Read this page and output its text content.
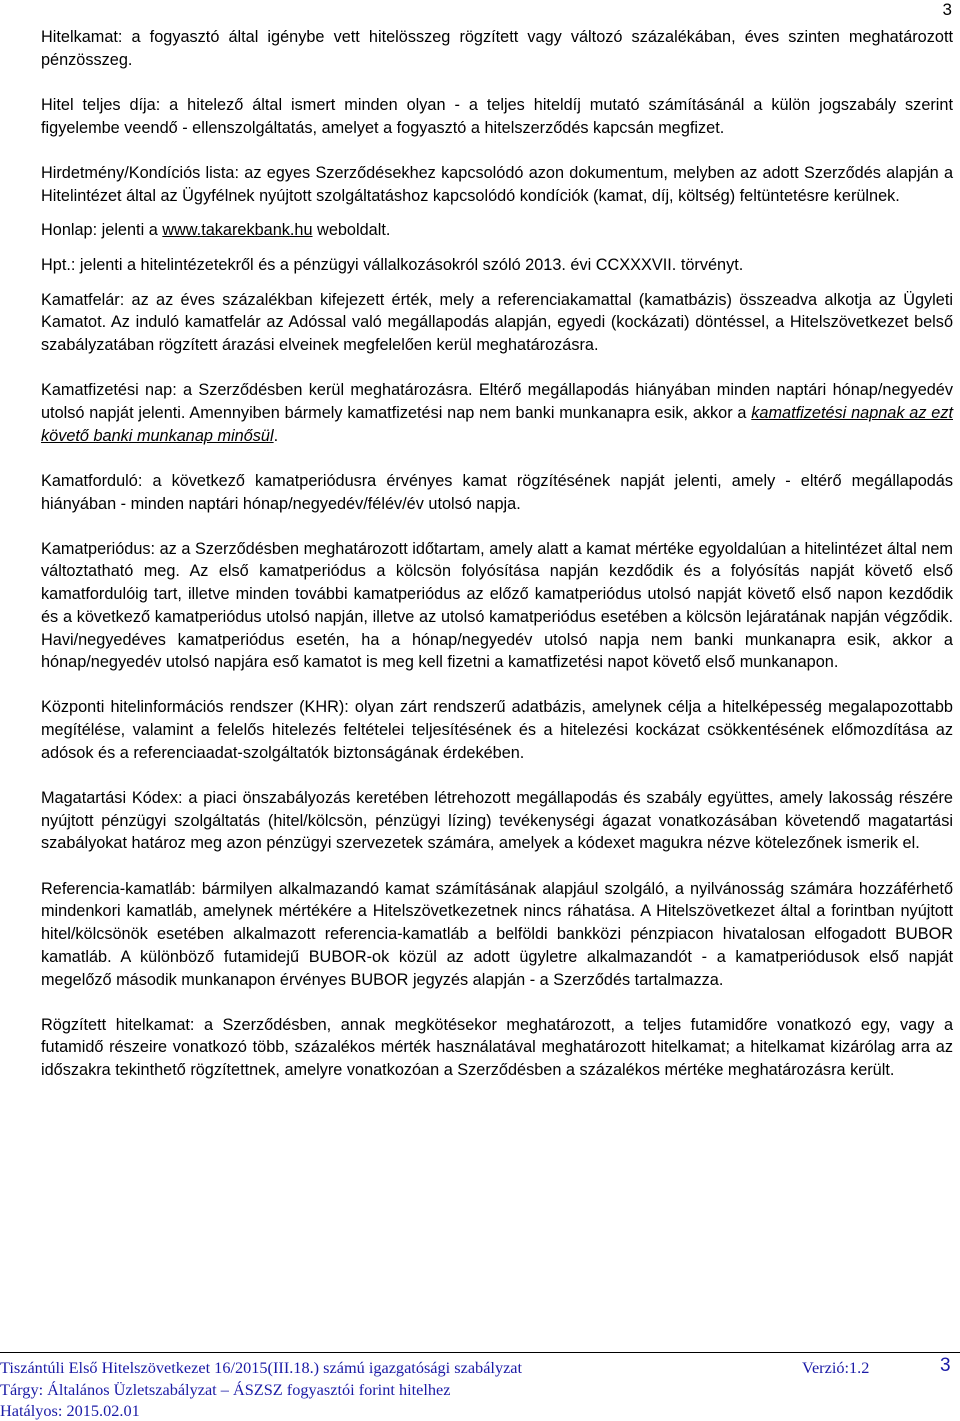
3

Hitelkamat: a fogyasztó által igénybe vett hitelösszeg rögzített vagy változó százalékában, éves szinten meghatározott pénzösszeg.

Hitel teljes díja: a hitelező által ismert minden olyan - a teljes hiteldíj mutató számításánál a külön jogszabály szerint figyelembe veendő - ellenszolgáltatás, amelyet a fogyasztó a hitelszerződés kapcsán megfizet.

Hirdetmény/Kondíciós lista: az egyes Szerződésekhez kapcsolódó azon dokumentum, melyben az adott Szerződés alapján a Hitelintézet által az Ügyfélnek nyújtott szolgáltatáshoz kapcsolódó kondíciók (kamat, díj, költség) feltüntetésre kerülnek.

Honlap: jelenti a www.takarekbank.hu weboldalt.

Hpt.: jelenti a hitelintézetekről és a pénzügyi vállalkozásokról szóló 2013. évi CCXXXVII. törvényt.

Kamatfelár: az az éves százalékban kifejezett érték, mely a referenciakamattal (kamatbázis) összeadva alkotja az Ügyleti Kamatot. Az induló kamatfelár az Adóssal való megállapodás alapján, egyedi (kockázati) döntéssel, a Hitelszövetkezet belső szabályzatában rögzített árazási elveinek megfelelően kerül meghatározásra.

Kamatfizetési nap: a Szerződésben kerül meghatározásra. Eltérő megállapodás hiányában minden naptári hónap/negyedév utolsó napját jelenti. Amennyiben bármely kamatfizetési nap nem banki munkanapra esik, akkor a kamatfizetési napnak az ezt követő banki munkanap minősül.

Kamatforduló: a következő kamatperiódusra érvényes kamat rögzítésének napját jelenti, amely - eltérő megállapodás hiányában - minden naptári hónap/negyedév/félév/év utolsó napja.

Kamatperiódus: az a Szerződésben meghatározott időtartam, amely alatt a kamat mértéke egyoldalúan a hitelintézet által nem változtatható meg. Az első kamatperiódus a kölcsön folyósítása napján kezdődik és a folyósítás napját követő első kamatfordulóig tart, illetve minden további kamatperiódus az előző kamatperiódus utolsó napját követő első napon kezdődik és a következő kamatperiódus utolsó napján, illetve az utolsó kamatperiódus esetében a kölcsön lejáratának napján végződik. Havi/negyedéves kamatperiódus esetén, ha a hónap/negyedév utolsó napja nem banki munkanapra esik, akkor a hónap/negyedév utolsó napjára eső kamatot is meg kell fizetni a kamatfizetési napot követő első munkanapon.

Központi hitelinformációs rendszer (KHR): olyan zárt rendszerű adatbázis, amelynek célja a hitelképesség megalapozottabb megítélése, valamint a felelős hitelezés feltételei teljesítésének és a hitelezési kockázat csökkentésének előmozdítása az adósok és a referenciaadat-szolgáltatók biztonságának érdekében.

Magatartási Kódex: a piaci önszabályozás keretében létrehozott megállapodás és szabály együttes, amely lakosság részére nyújtott pénzügyi szolgáltatás (hitel/kölcsön, pénzügyi lízing) tevékenységi ágazat vonatkozásában követendő magatartási szabályokat határoz meg azon pénzügyi szervezetek számára, amelyek a kódexet magukra nézve kötelezőnek ismerik el.

Referencia-kamatláb: bármilyen alkalmazandó kamat számításának alapjául szolgáló, a nyilvánosság számára hozzáférhető mindenkori kamatláb, amelynek mértékére a Hitelszövetkezetnek nincs ráhatása. A Hitelszövetkezet által a forintban nyújtott hitel/kölcsönök esetében alkalmazott referencia-kamatláb a belföldi bankközi pénzpiacon hivatalosan elfogadott BUBOR kamatláb. A különböző futamidejű BUBOR-ok közül az adott ügyletre alkalmazandót - a kamatperiódusok első napját megelőző második munkanapon érvényes BUBOR jegyzés alapján - a Szerződés tartalmazza.

Rögzített hitelkamat: a Szerződésben, annak megkötésekor meghatározott, a teljes futamidőre vonatkozó egy, vagy a futamidő részeire vonatkozó több, százalékos mérték használatával meghatározott hitelkamat; a hitelkamat kizárólag arra az időszakra tekinthető rögzítettnek, amelyre vonatkozóan a Szerződésben a százalékos mértéke meghatározásra került.

Tiszántúli Első Hitelszövetkezet 16/2015(III.18.) számú igazgatósági szabályzat	Verzió:1.2	3
Tárgy: Általános Üzletszabályzat – ÁSZSZ fogyasztói forint hitelhez
Hatályos: 2015.02.01
